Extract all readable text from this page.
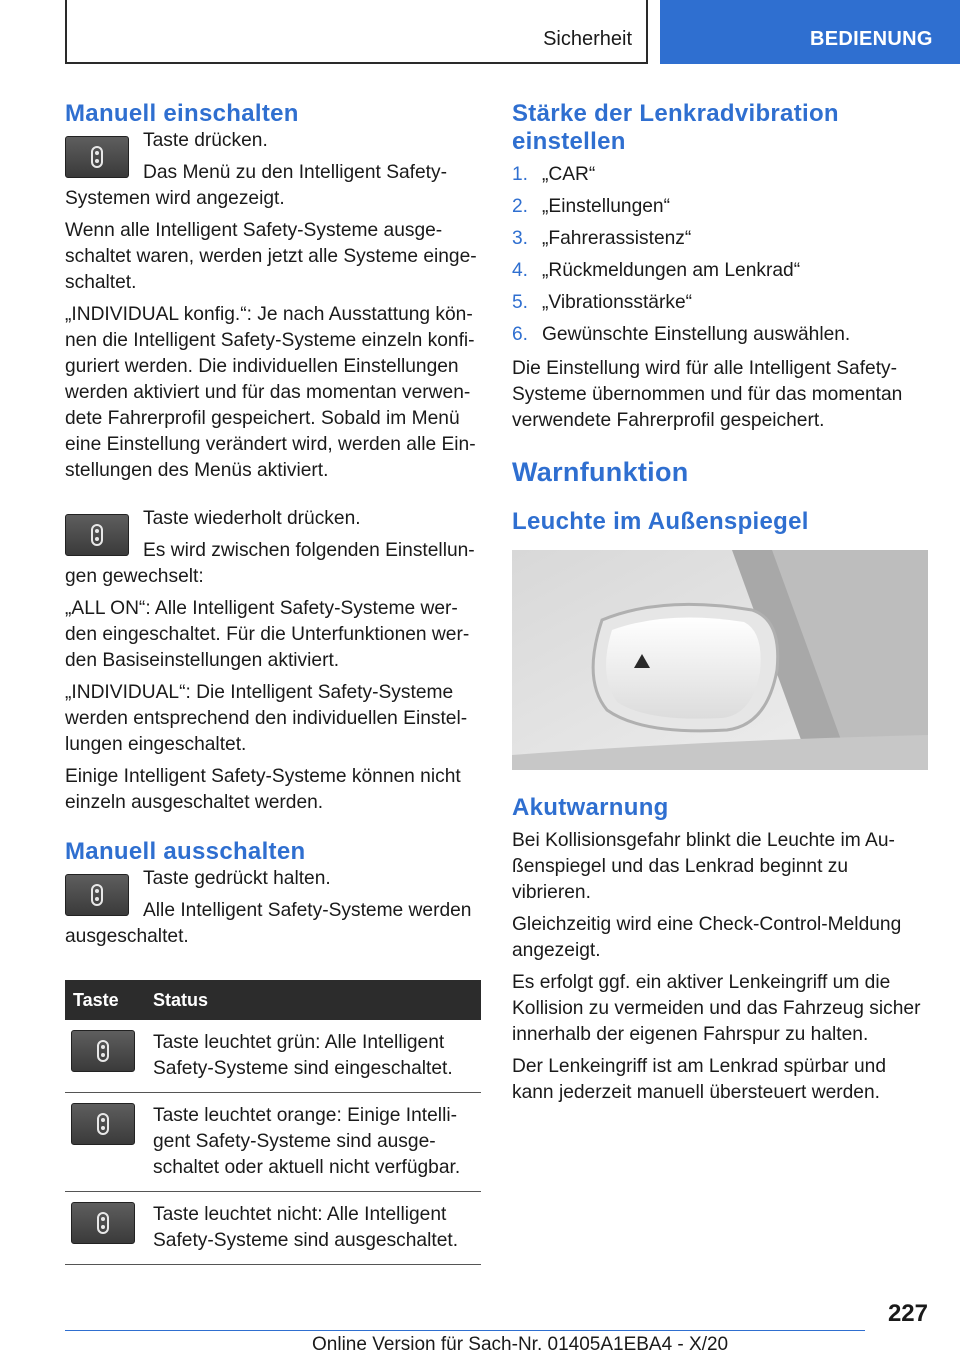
Sicherheit	BEDIENUNG
Manuell einschalten

Taste drücken.

Das Menü zu den Intelligent Safety-Systemen wird angezeigt.

Wenn alle Intelligent Safety-Systeme ausge-schaltet waren, werden jetzt alle Systeme einge-schaltet.

„INDIVIDUAL konfig.“: Je nach Ausstattung kön-nen die Intelligent Safety-Systeme einzeln konfi-guriert werden. Die individuellen Einstellungen werden aktiviert und für das momentan verwen-dete Fahrerprofil gespeichert. Sobald im Menü eine Einstellung verändert wird, werden alle Ein-stellungen des Menüs aktiviert.

Taste wiederholt drücken.

Es wird zwischen folgenden Einstellun-gen gewechselt:

„ALL ON“: Alle Intelligent Safety-Systeme wer-den eingeschaltet. Für die Unterfunktionen wer-den Basiseinstellungen aktiviert.

„INDIVIDUAL“: Die Intelligent Safety-Systeme werden entsprechend den individuellen Einstel-lungen eingeschaltet.

Einige Intelligent Safety-Systeme können nicht einzeln ausgeschaltet werden.

Manuell ausschalten

Taste gedrückt halten.

Alle Intelligent Safety-Systeme werden ausgeschaltet.

Taste	Status

	Taste leuchtet grün: Alle Intelligent Safety-Systeme sind eingeschaltet.

	Taste leuchtet orange: Einige Intelli-gent Safety-Systeme sind ausge-schaltet oder aktuell nicht verfügbar.

	Taste leuchtet nicht: Alle Intelligent Safety-Systeme sind ausgeschaltet.
Stärke der Lenkradvibration einstellen
1. „CAR“
2. „Einstellungen“
3. „Fahrerassistenz“
4. „Rückmeldungen am Lenkrad“
5. „Vibrationsstärke“
6. Gewünschte Einstellung auswählen.

Die Einstellung wird für alle Intelligent Safety-Systeme übernommen und für das momentan verwendete Fahrerprofil gespeichert.

Warnfunktion
Leuchte im Außenspiegel
Akutwarnung

Bei Kollisionsgefahr blinkt die Leuchte im Au-ßenspiegel und das Lenkrad beginnt zu vibrieren.

Gleichzeitig wird eine Check-Control-Meldung angezeigt.

Es erfolgt ggf. ein aktiver Lenkeingriff um die Kollision zu vermeiden und das Fahrzeug sicher innerhalb der eigenen Fahrspur zu halten.

Der Lenkeingriff ist am Lenkrad spürbar und kann jederzeit manuell übersteuert werden.

227
Online Version für Sach-Nr. 01405A1EBA4 - X/20
